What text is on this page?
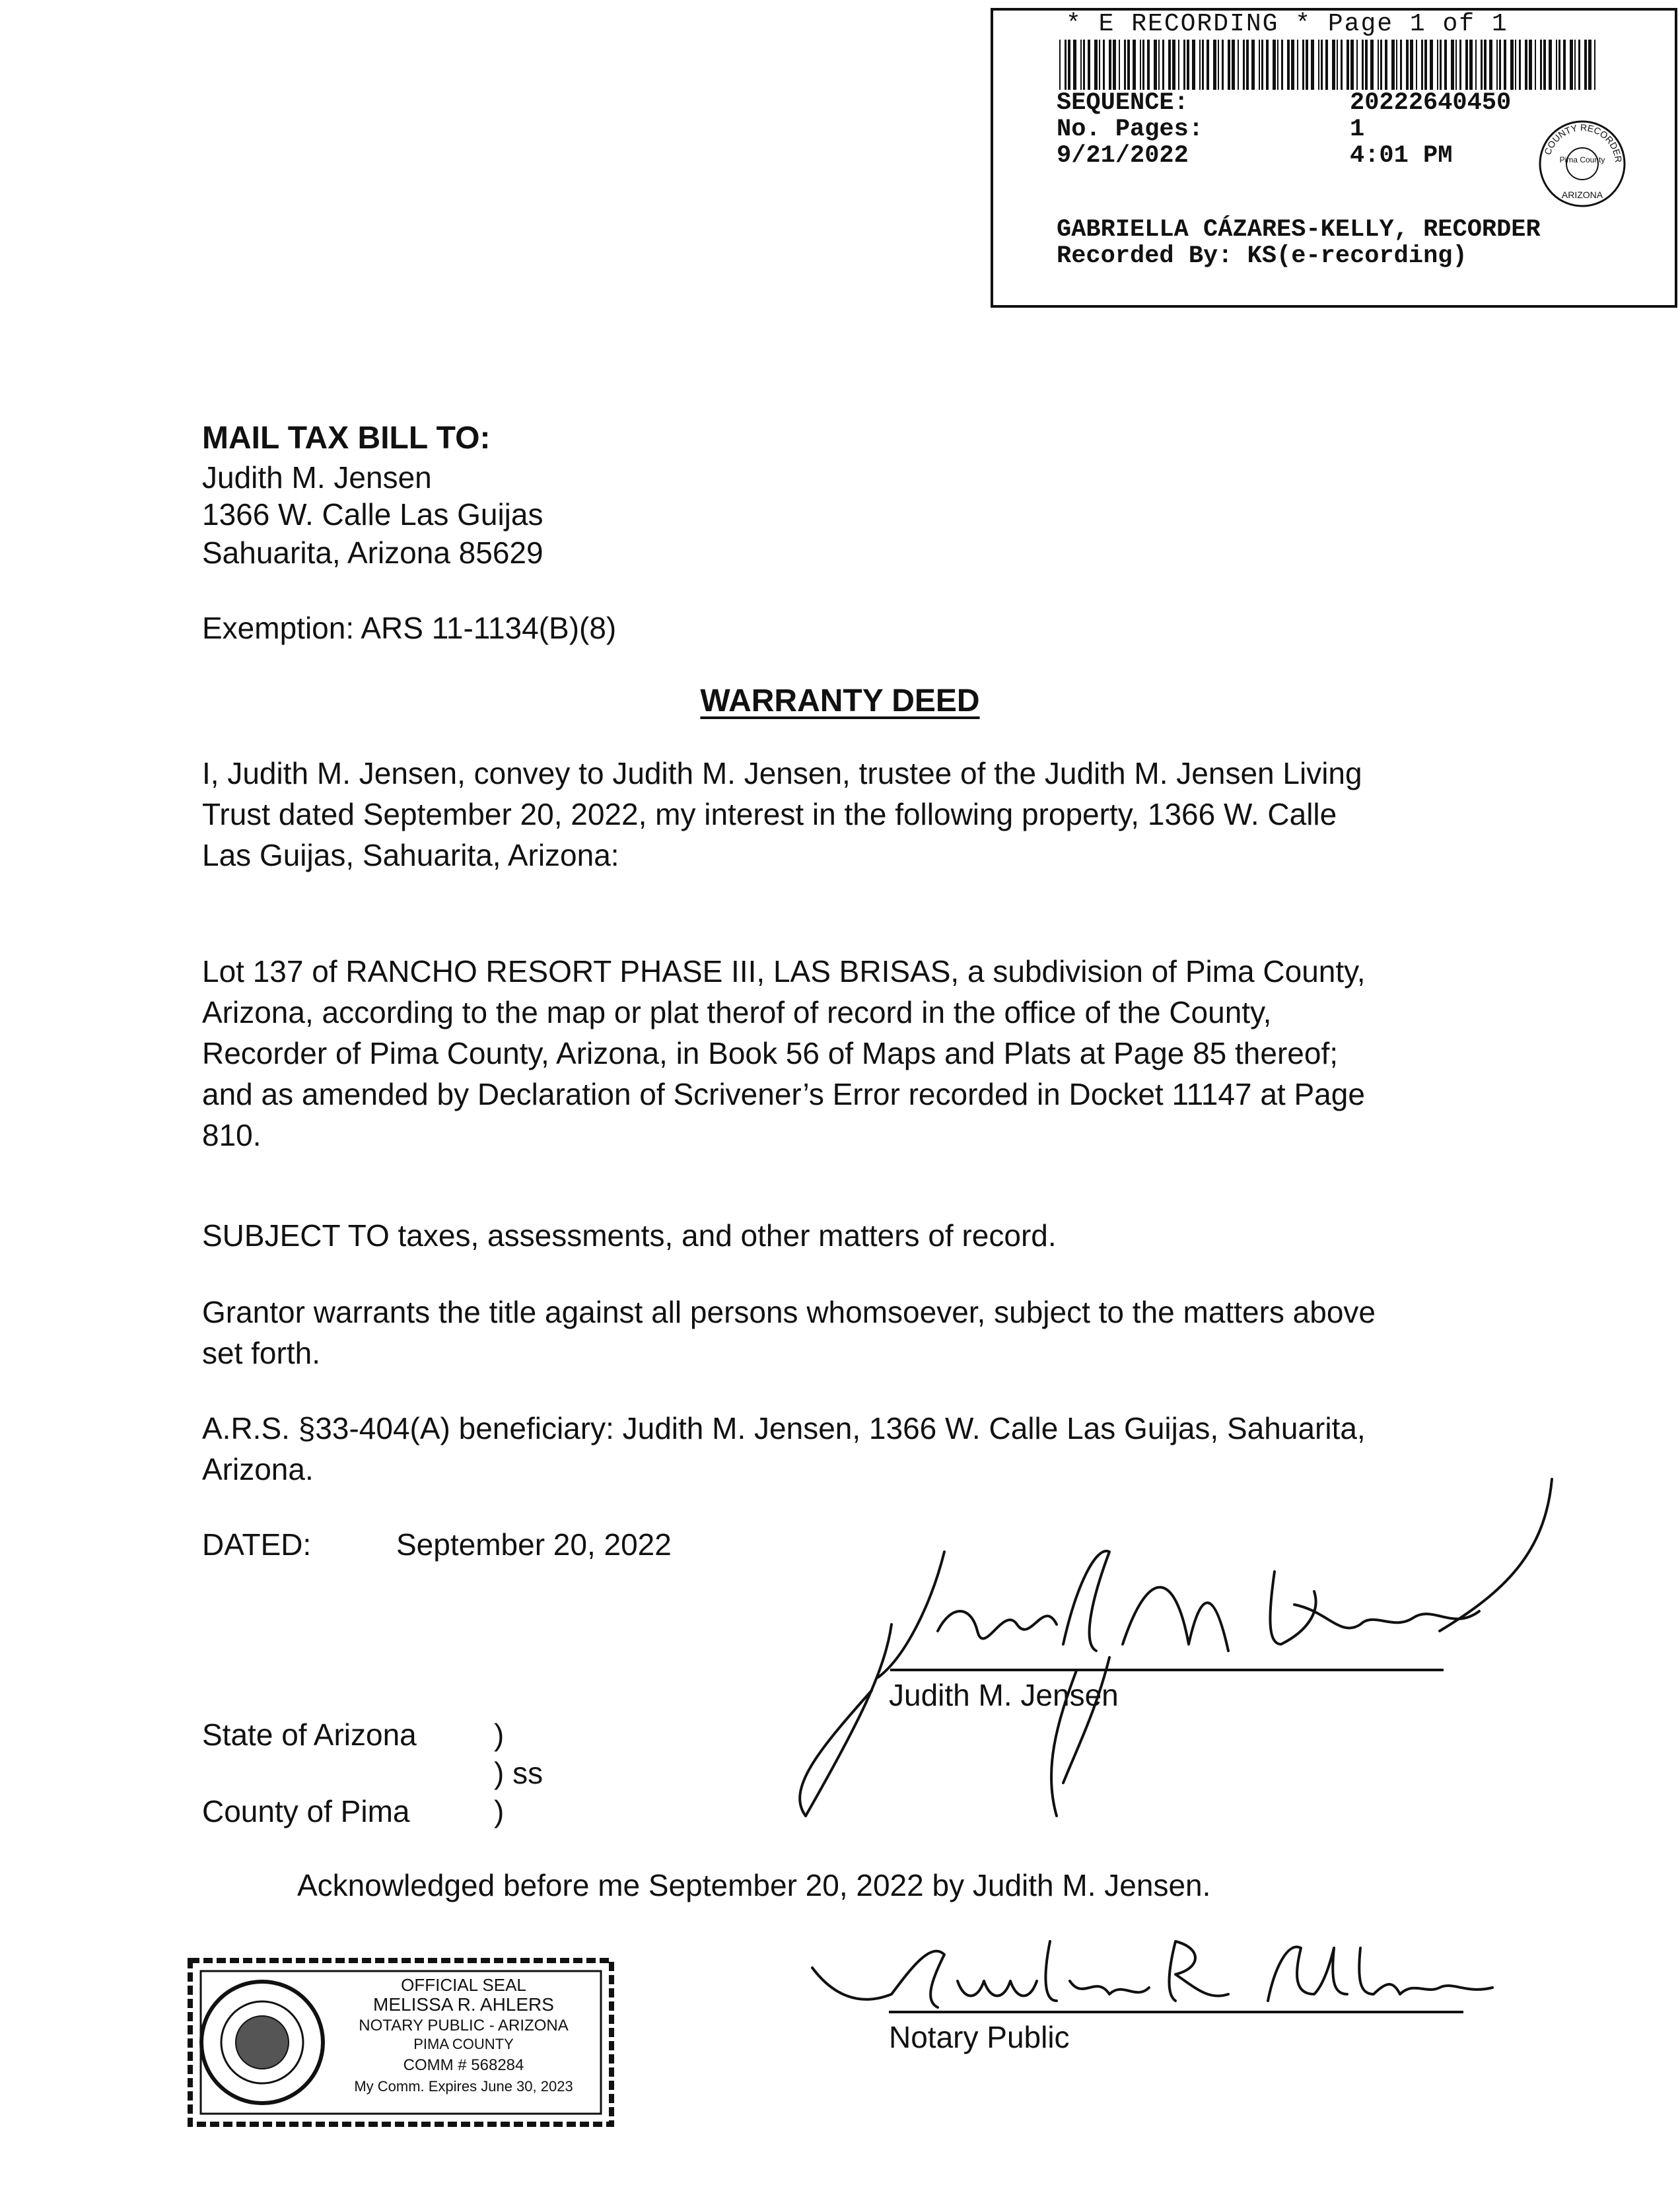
* E RECORDING * Page 1 of 1
SEQUENCE:	20222640450
No. Pages:	1
9/21/2022	4:01 PM
GABRIELLA CÁZARES-KELLY, RECORDER
Recorded By: KS(e-recording)
COUNTY RECORDER
Pima County
ARIZONA
MAIL TAX BILL TO:
Judith M. Jensen
1366 W. Calle Las Guijas
Sahuarita, Arizona 85629
Exemption: ARS 11-1134(B)(8)
WARRANTY DEED
I, Judith M. Jensen, convey to Judith M. Jensen, trustee of the Judith M. Jensen Living
Trust dated September 20, 2022, my interest in the following property, 1366 W. Calle
Las Guijas, Sahuarita, Arizona:
Lot 137 of RANCHO RESORT PHASE III, LAS BRISAS, a subdivision of Pima County,
Arizona, according to the map or plat therof of record in the office of the County,
Recorder of Pima County, Arizona, in Book 56 of Maps and Plats at Page 85 thereof;
and as amended by Declaration of Scrivener’s Error recorded in Docket 11147 at Page
810.
SUBJECT TO taxes, assessments, and other matters of record.
Grantor warrants the title against all persons whomsoever, subject to the matters above
set forth.
A.R.S. §33-404(A) beneficiary: Judith M. Jensen, 1366 W. Calle Las Guijas, Sahuarita,
Arizona.
DATED:	September 20, 2022
Judith M. Jensen
State of Arizona	)
) ss
County of Pima	)
Acknowledged before me September 20, 2022 by Judith M. Jensen.
OFFICIAL SEAL
MELISSA R. AHLERS
NOTARY PUBLIC - ARIZONA
PIMA COUNTY
COMM # 568284
My Comm. Expires June 30, 2023
Notary Public
